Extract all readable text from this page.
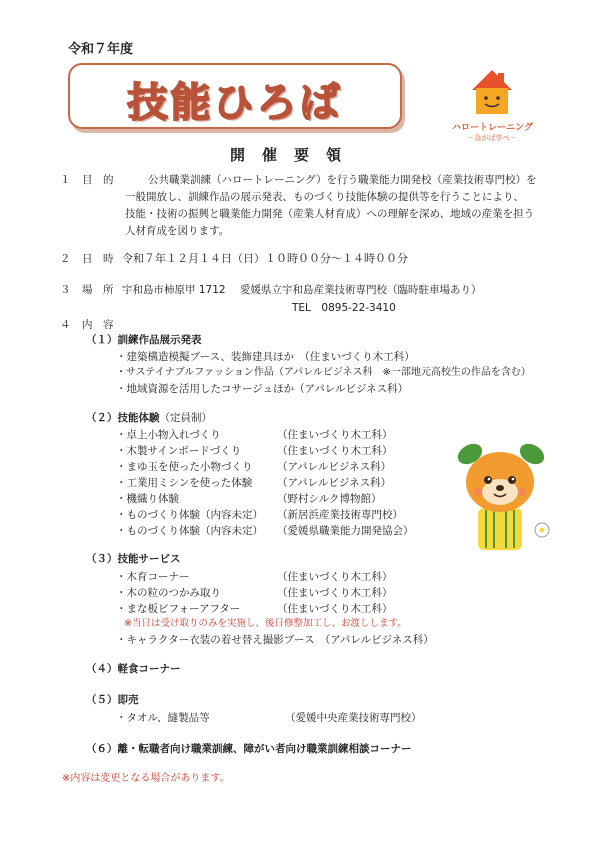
令和７年度
技能ひろば
ハロートレーニング
－急がば学べ－
開　催　要　領
１ 目　的	公共職業訓練（ハロートレーニング）を行う職業能力開発校（産業技術専門校）を
一般開放し、訓練作品の展示発表、ものづくり技能体験の提供等を行うことにより、
技能・技術の振興と職業能力開発（産業人材育成）への理解を深め、地域の産業を担う
人材育成を図ります。
２ 日　時 令和７年１２月１４日（日）１０時００分～１４時００分
３ 場　所 宇和島市柿原甲 1712 愛媛県立宇和島産業技術専門校（臨時駐車場あり）
TEL　0895-22-3410
４ 内　容
（１）訓練作品展示発表
・建築構造模擬ブース、装飾建具ほか　（住まいづくり木工科）
・サステイナブルファッション作品（アパレルビジネス科　※一部地元高校生の作品を含む）
・地域資源を活用したコサージュほか（アパレルビジネス科）
（２）技能体験（定員制）
・卓上小物入れづくり	（住まいづくり木工科）
・木製サインボードづくり	（住まいづくり木工科）
・まゆ玉を使った小物づくり （アパレルビジネス科）
・工業用ミシンを使った体験 （アパレルビジネス科）
・機織り体験	（野村シルク博物館）
・ものづくり体験（内容未定） （新居浜産業技術専門校）
・ものづくり体験（内容未定） （愛媛県職業能力開発協会）
（３）技能サービス
・木育コーナー	（住まいづくり木工科）
・木の粒のつかみ取り	（住まいづくり木工科）
・まな板ビフォーアフター	（住まいづくり木工科）
※当日は受け取りのみを実施し、後日修整加工し、お渡しします。
・キャラクター衣装の着せ替え撮影ブース　（アパレルビジネス科）
（４）軽食コーナー
（５）即売
・タオル、縫製品等	（愛媛中央産業技術専門校）
（６）離・転職者向け職業訓練、障がい者向け職業訓練相談コーナー
※内容は変更となる場合があります。
